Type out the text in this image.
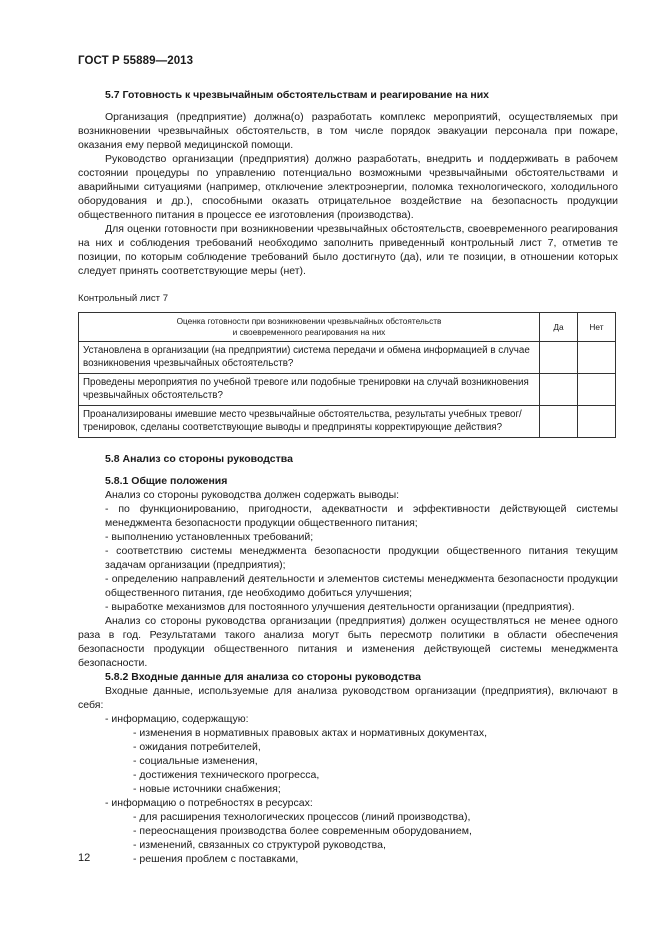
ГОСТ Р 55889—2013
5.7 Готовность к чрезвычайным обстоятельствам и реагирование на них
Организация (предприятие) должна(о) разработать комплекс мероприятий, осуществляемых при возникновении чрезвычайных обстоятельств, в том числе порядок эвакуации персонала при пожаре, оказания ему первой медицинской помощи.
Руководство организации (предприятия) должно разработать, внедрить и поддерживать в рабочем состоянии процедуры по управлению потенциально возможными чрезвычайными обстоятельствами и аварийными ситуациями (например, отключение электроэнергии, поломка технологического, холодильного оборудования и др.), способными оказать отрицательное воздействие на безопасность продукции общественного питания в процессе ее изготовления (производства).
Для оценки готовности при возникновении чрезвычайных обстоятельств, своевременного реагирования на них и соблюдения требований необходимо заполнить приведенный контрольный лист 7, отметив те позиции, по которым соблюдение требований было достигнуто (да), или те позиции, в отношении которых следует принять соответствующие меры (нет).
Контрольный лист 7
Оценка готовности при возникновении чрезвычайных обстоятельств
и своевременного реагирования на них	Да	Нет
Установлена в организации (на предприятии) система передачи и обмена информацией в случае возникновения чрезвычайных обстоятельств?		
Проведены мероприятия по учебной тревоге или подобные тренировки на случай возникновения чрезвычайных обстоятельств?		
Проанализированы имевшие место чрезвычайные обстоятельства, результаты учебных тревог/тренировок, сделаны соответствующие выводы и предприняты корректирующие действия?		
5.8 Анализ со стороны руководства
5.8.1 Общие положения
Анализ со стороны руководства должен содержать выводы:
- по функционированию, пригодности, адекватности и эффективности действующей системы менеджмента безопасности продукции общественного питания;
- выполнению установленных требований;
- соответствию системы менеджмента безопасности продукции общественного питания текущим задачам организации (предприятия);
- определению направлений деятельности и элементов системы менеджмента безопасности продукции общественного питания, где необходимо добиться улучшения;
- выработке механизмов для постоянного улучшения деятельности организации (предприятия).
Анализ со стороны руководства организации (предприятия) должен осуществляться не менее одного раза в год. Результатами такого анализа могут быть пересмотр политики в области обеспечения безопасности продукции общественного питания и изменения действующей системы менеджмента безопасности.
5.8.2 Входные данные для анализа со стороны руководства
Входные данные, используемые для анализа руководством организации (предприятия), включают в себя:
- информацию, содержащую:
- изменения в нормативных правовых актах и нормативных документах,
- ожидания потребителей,
- социальные изменения,
- достижения технического прогресса,
- новые источники снабжения;
- информацию о потребностях в ресурсах:
- для расширения технологических процессов (линий производства),
- переоснащения производства более современным оборудованием,
- изменений, связанных со структурой руководства,
- решения проблем с поставками,
12
